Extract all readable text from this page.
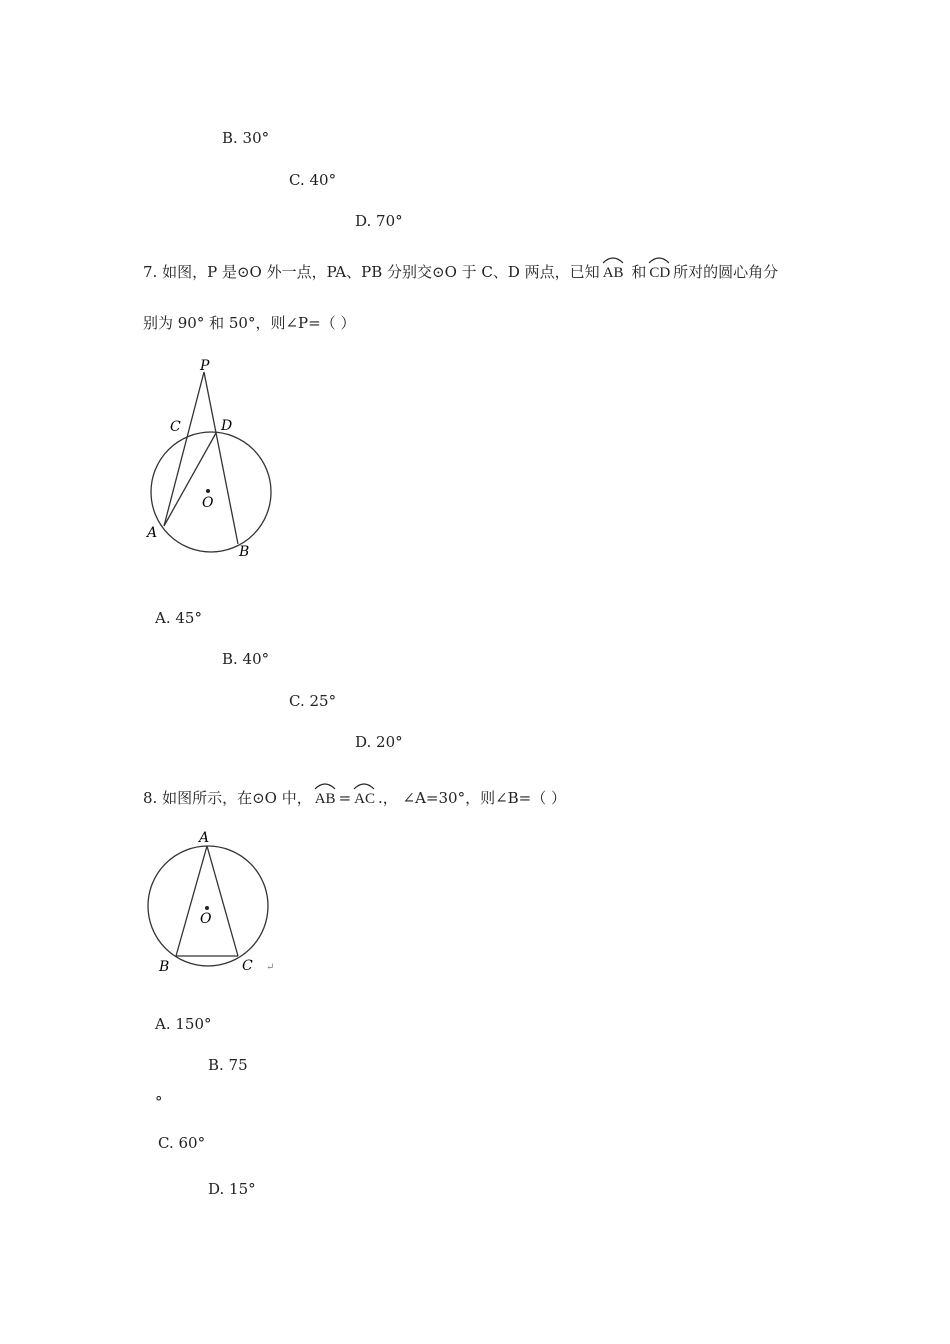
B. 30°
C. 40°
D. 70°
7. 如图，P 是⊙O 外一点，PA、PB 分别交⊙O 于 C、D 两点，已知 AB 和 CD 所对的圆心角分
别为 90° 和 50°，则∠P=（ ）
P
C	D
O
A
B
A. 45°
B. 40°
C. 25°
D. 20°
8. 如图所示，在⊙O 中， AB = AC .， ∠A=30°，则∠B=（ ）
A
O
B	C ↵
A. 150°
B. 75
°
C. 60°
D. 15°
